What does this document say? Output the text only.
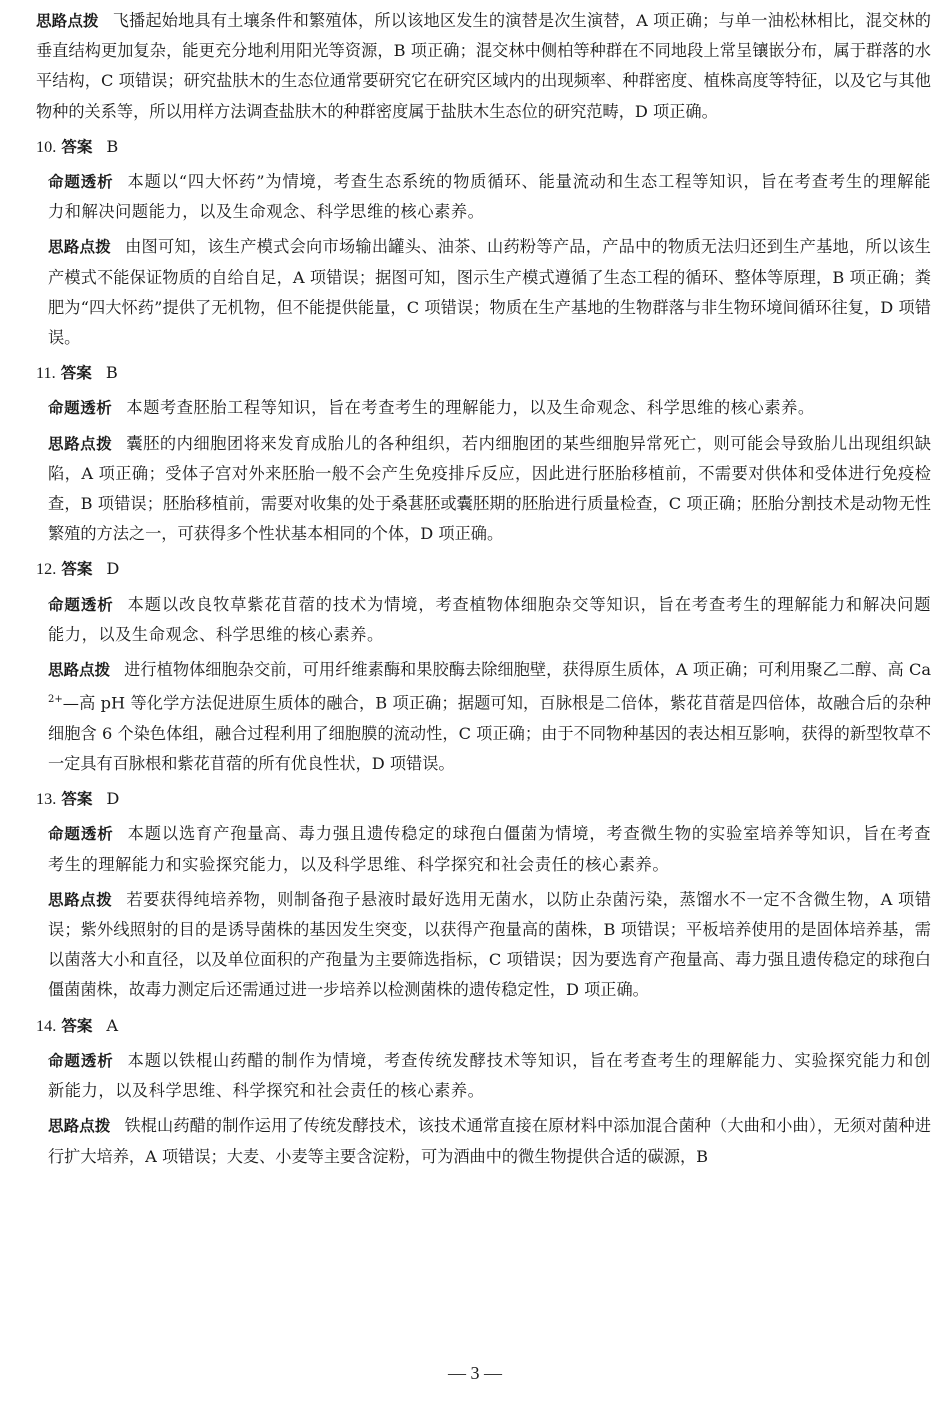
思路点拨 飞播起始地具有土壤条件和繁殖体，所以该地区发生的演替是次生演替，A 项正确；与单一油松林相比，混交林的垂直结构更加复杂，能更充分地利用阳光等资源，B 项正确；混交林中侧柏等种群在不同地段上常呈镶嵌分布，属于群落的水平结构，C 项错误；研究盐肤木的生态位通常要研究它在研究区域内的出现频率、种群密度、植株高度等特征，以及它与其他物种的关系等，所以用样方法调查盐肤木的种群密度属于盐肤木生态位的研究范畴，D 项正确。

10. 答案 B

命题透析 本题以“四大怀药”为情境，考查生态系统的物质循环、能量流动和生态工程等知识，旨在考查考生的理解能力和解决问题能力，以及生命观念、科学思维的核心素养。

思路点拨 由图可知，该生产模式会向市场输出罐头、油茶、山药粉等产品，产品中的物质无法归还到生产基地，所以该生产模式不能保证物质的自给自足，A 项错误；据图可知，图示生产模式遵循了生态工程的循环、整体等原理，B 项正确；粪肥为“四大怀药”提供了无机物，但不能提供能量，C 项错误；物质在生产基地的生物群落与非生物环境间循环往复，D 项错误。

11. 答案 B

命题透析 本题考查胚胎工程等知识，旨在考查考生的理解能力，以及生命观念、科学思维的核心素养。

思路点拨 囊胚的内细胞团将来发育成胎儿的各种组织，若内细胞团的某些细胞异常死亡，则可能会导致胎儿出现组织缺陷，A 项正确；受体子宫对外来胚胎一般不会产生免疫排斥反应，因此进行胚胎移植前，不需要对供体和受体进行免疫检查，B 项错误；胚胎移植前，需要对收集的处于桑葚胚或囊胚期的胚胎进行质量检查，C 项正确；胚胎分割技术是动物无性繁殖的方法之一，可获得多个性状基本相同的个体，D 项正确。

12. 答案 D

命题透析 本题以改良牧草紫花苜蓿的技术为情境，考查植物体细胞杂交等知识，旨在考查考生的理解能力和解决问题能力，以及生命观念、科学思维的核心素养。

思路点拨 进行植物体细胞杂交前，可用纤维素酶和果胶酶去除细胞壁，获得原生质体，A 项正确；可利用聚乙二醇、高 $Ca^{2+}—$高 pH 等化学方法促进原生质体的融合，B 项正确；据题可知，百脉根是二倍体，紫花苜蓿是四倍体，故融合后的杂种细胞含 6 个染色体组，融合过程利用了细胞膜的流动性，C 项正确；由于不同物种基因的表达相互影响，获得的新型牧草不一定具有百脉根和紫花苜蓿的所有优良性状，D 项错误。

13. 答案 D

命题透析 本题以选育产孢量高、毒力强且遗传稳定的球孢白僵菌为情境，考查微生物的实验室培养等知识，旨在考查考生的理解能力和实验探究能力，以及科学思维、科学探究和社会责任的核心素养。

思路点拨 若要获得纯培养物，则制备孢子悬液时最好选用无菌水，以防止杂菌污染，蒸馏水不一定不含微生物，A 项错误；紫外线照射的目的是诱导菌株的基因发生突变，以获得产孢量高的菌株，B 项错误；平板培养使用的是固体培养基，需以菌落大小和直径，以及单位面积的产孢量为主要筛选指标，C 项错误；因为要选育产孢量高、毒力强且遗传稳定的球孢白僵菌菌株，故毒力测定后还需通过进一步培养以检测菌株的遗传稳定性，D 项正确。

14. 答案 A

命题透析 本题以铁棍山药醋的制作为情境，考查传统发酵技术等知识，旨在考查考生的理解能力、实验探究能力和创新能力，以及科学思维、科学探究和社会责任的核心素养。

思路点拨 铁棍山药醋的制作运用了传统发酵技术，该技术通常直接在原材料中添加混合菌种（大曲和小曲），无须对菌种进行扩大培养，A 项错误；大麦、小麦等主要含淀粉，可为酒曲中的微生物提供合适的碳源，B

— 3 —
